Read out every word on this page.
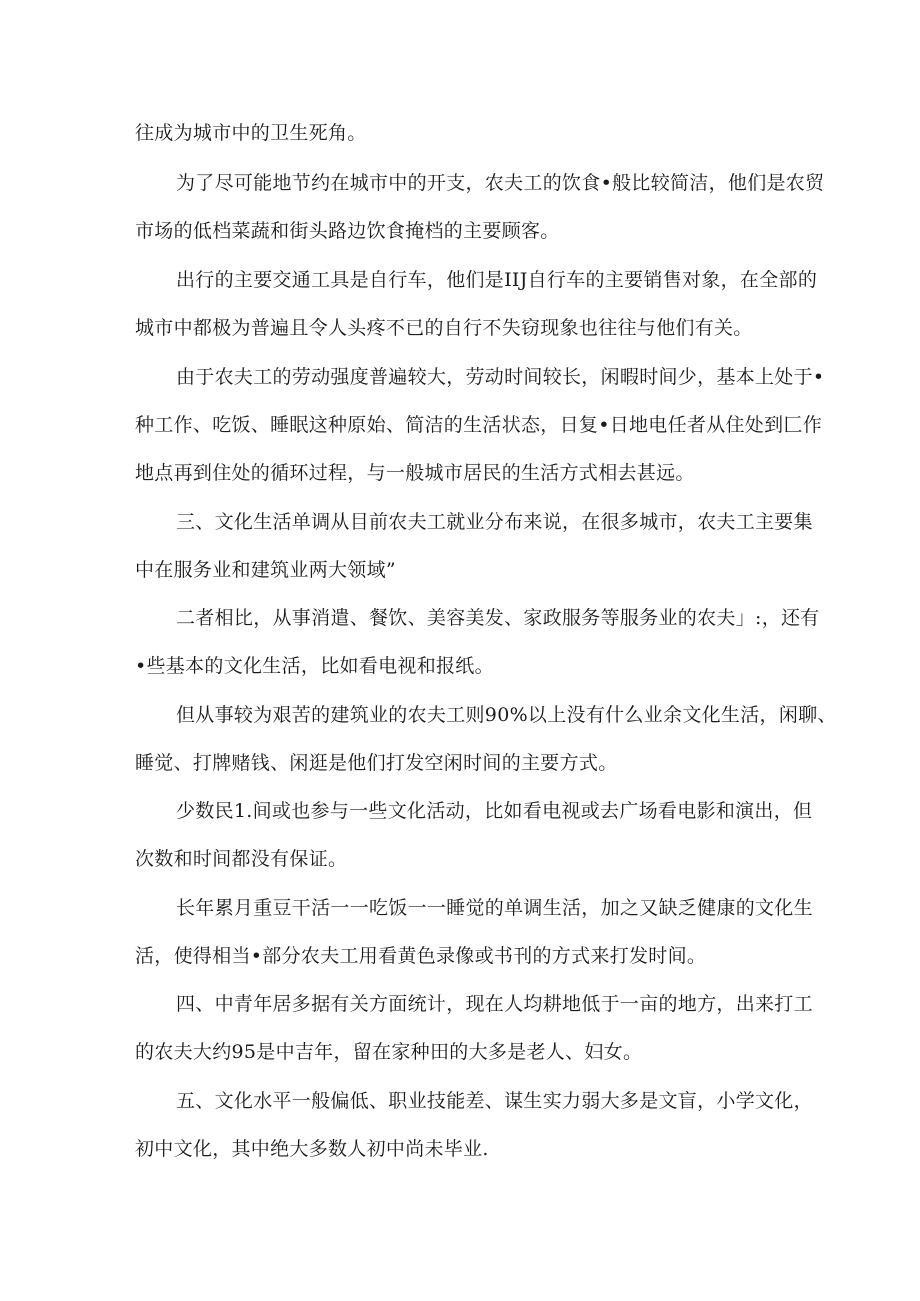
往成为城市中的卫生死角。
为了尽可能地节约在城市中的开支，农夫工的饮食•般比较简洁，他们是农贸
市场的低档菜蔬和街头路边饮食掩档的主要顾客。
出行的主要交通工具是自行车，他们是IIJ自行车的主要销售对象，在全部的
城市中都极为普遍且令人头疼不已的自行不失窃现象也往往与他们有关。
由于农夫工的劳动强度普遍较大，劳动时间较长，闲暇时间少，基本上处于•
种工作、吃饭、睡眠这种原始、简洁的生活状态，日复•日地电任者从住处到匚作
地点再到住处的循环过程，与一般城市居民的生活方式相去甚远。
三、文化生活单调从目前农夫工就业分布来说，在很多城市，农夫工主要集
中在服务业和建筑业两大领域”
二者相比，从事消遣、餐饮、美容美发、家政服务等服务业的农夫」:，还有
•些基本的文化生活，比如看电视和报纸。
但从事较为艰苦的建筑业的农夫工则90%以上没有什么业余文化生活，闲聊、
睡觉、打牌赌钱、闲逛是他们打发空闲时间的主要方式。
少数民1.间或也参与一些文化活动，比如看电视或去广场看电影和演出，但
次数和时间都没有保证。
长年累月重豆干活一一吃饭一一睡觉的单调生活，加之又缺乏健康的文化生
活，使得相当•部分农夫工用看黄色录像或书刊的方式来打发时间。
四、中青年居多据有关方面统计，现在人均耕地低于一亩的地方，出来打工
的农夫大约95是中吉年，留在家种田的大多是老人、妇女。
五、文化水平一般偏低、职业技能差、谋生实力弱大多是文盲，小学文化，
初中文化，其中绝大多数人初中尚未毕业.
